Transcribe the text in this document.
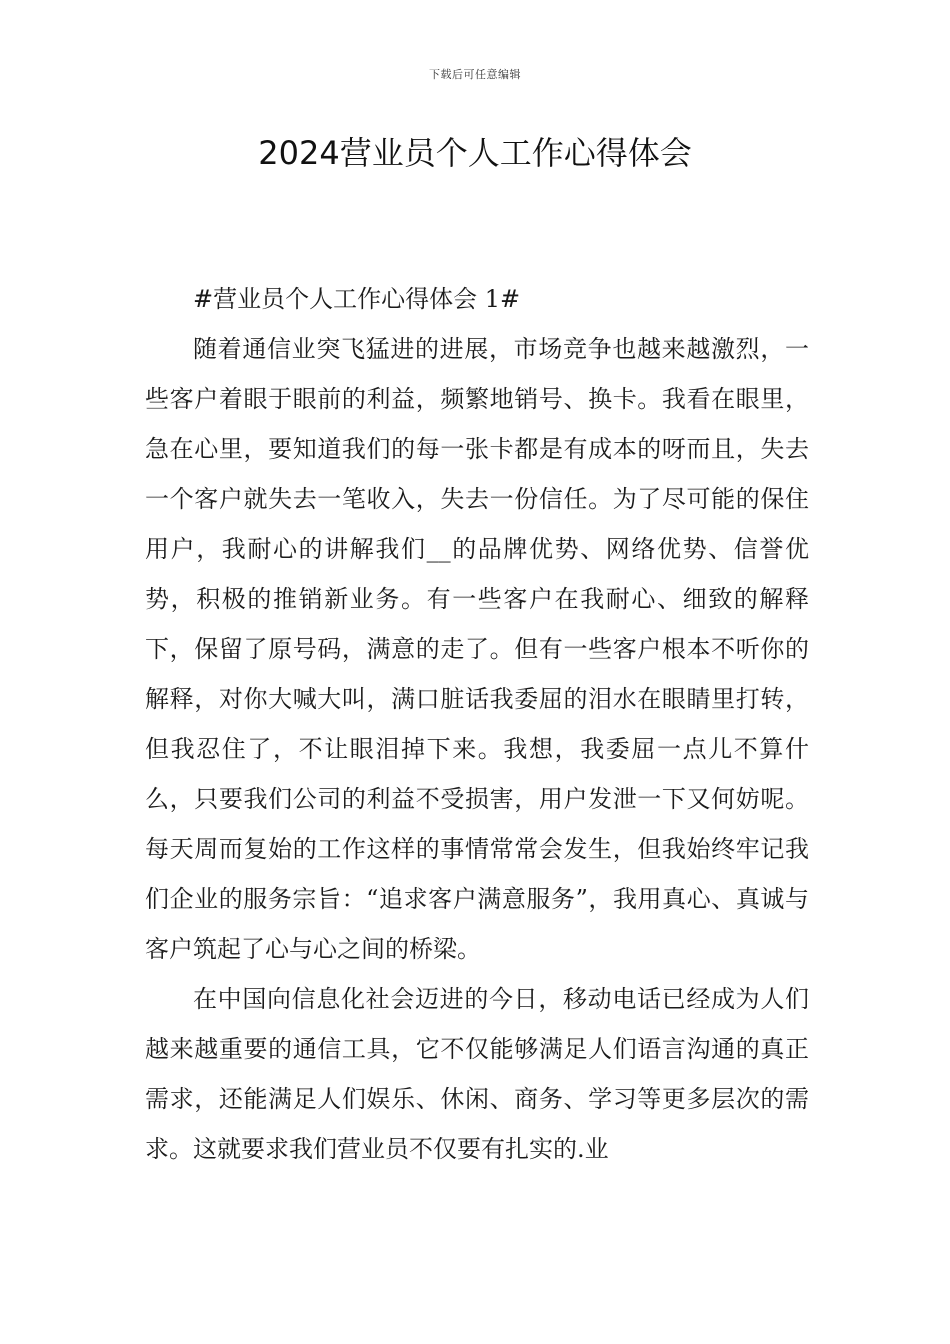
下载后可任意编辑
2024营业员个人工作心得体会

#营业员个人工作心得体会 1#

随着通信业突飞猛进的进展，市场竞争也越来越激烈，一些客户着眼于眼前的利益，频繁地销号、换卡。我看在眼里，急在心里，要知道我们的每一张卡都是有成本的呀而且，失去一个客户就失去一笔收入，失去一份信任。为了尽可能的保住用户，我耐心的讲解我们__的品牌优势、网络优势、信誉优势，积极的推销新业务。有一些客户在我耐心、细致的解释下，保留了原号码，满意的走了。但有一些客户根本不听你的解释，对你大喊大叫，满口脏话我委屈的泪水在眼睛里打转，但我忍住了，不让眼泪掉下来。我想，我委屈一点儿不算什么，只要我们公司的利益不受损害，用户发泄一下又何妨呢。每天周而复始的工作这样的事情常常会发生，但我始终牢记我们企业的服务宗旨：“追求客户满意服务”，我用真心、真诚与客户筑起了心与心之间的桥梁。

在中国向信息化社会迈进的今日，移动电话已经成为人们越来越重要的通信工具，它不仅能够满足人们语言沟通的真正需求，还能满足人们娱乐、休闲、商务、学习等更多层次的需求。这就要求我们营业员不仅要有扎实的.业
